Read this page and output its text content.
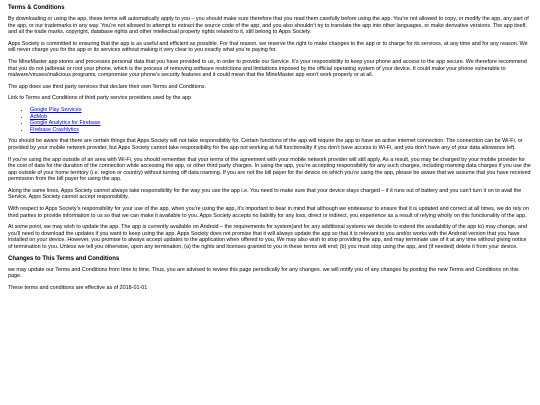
Terms & Conditions

By downloading or using the app, these terms will automatically apply to you – you should make sure therefore that you read them carefully before using the app. You’re not allowed to copy, or modify the app, any part of the app, or our trademarks in any way. You’re not allowed to attempt to extract the source code of the app, and you also shouldn’t try to translate the app into other languages, or make derivative versions. The app itself, and all the trade marks, copyright, database rights and other intellectual property rights related to it, still belong to Apps Society.

Apps Society is committed to ensuring that the app is as useful and efficient as possible. For that reason, we reserve the right to make changes to the app or to charge for its services, at any time and for any reason. We will never charge you for the app or its services without making it very clear to you exactly what you’re paying for.

The MineMaster app stores and processes personal data that you have provided to us, in order to provide our Service. It’s your responsibility to keep your phone and access to the app secure. We therefore recommend that you do not jailbreak or root your phone, which is the process of removing software restrictions and limitations imposed by the official operating system of your device. It could make your phone vulnerable to malware/viruses/malicious programs, compromise your phone’s security features and it could mean that the MineMaster app won’t work properly or at all.

The app does use third party services that declare their own Terms and Conditions.

Link to Terms and Conditions of third party service providers used by the app

• Google Play Services
• AdMob
• Google Analytics for Firebase
• Firebase Crashlytics

You should be aware that there are certain things that Apps Society will not take responsibility for. Certain functions of the app will require the app to have an active internet connection. The connection can be Wi-Fi, or provided by your mobile network provider, but Apps Society cannot take responsibility for the app not working at full functionality if you don’t have access to Wi-Fi, and you don’t have any of your data allowance left.

If you’re using the app outside of an area with Wi-Fi, you should remember that your terms of the agreement with your mobile network provider will still apply. As a result, you may be charged by your mobile provider for the cost of data for the duration of the connection while accessing the app, or other third party charges. In using the app, you’re accepting responsibility for any such charges, including roaming data charges if you use the app outside of your home territory (i.e. region or country) without turning off data roaming. If you are not the bill payer for the device on which you’re using the app, please be aware that we assume that you have received permission from the bill payer for using the app.

Along the same lines, Apps Society cannot always take responsibility for the way you use the app i.e. You need to make sure that your device stays charged – if it runs out of battery and you can’t turn it on to avail the Service, Apps Society cannot accept responsibility.

With respect to Apps Society’s responsibility for your use of the app, when you’re using the app, it’s important to bear in mind that although we endeavour to ensure that it is updated and correct at all times, we do rely on third parties to provide information to us so that we can make it available to you. Apps Society accepts no liability for any loss, direct or indirect, you experience as a result of relying wholly on this functionality of the app.

At some point, we may wish to update the app. The app is currently available on Android – the requirements for system(and for any additional systems we decide to extend the availability of the app to) may change, and you’ll need to download the updates if you want to keep using the app. Apps Society does not promise that it will always update the app so that it is relevant to you and/or works with the Android version that you have installed on your device. However, you promise to always accept updates to the application when offered to you, We may also wish to stop providing the app, and may terminate use of it at any time without giving notice of termination to you. Unless we tell you otherwise, upon any termination, (a) the rights and licenses granted to you in these terms will end; (b) you must stop using the app, and (if needed) delete it from your device.

Changes to This Terms and Conditions

we may update our Terms and Conditions from time to time. Thus, you are advised to review this page periodically for any changes. we will notify you of any changes by posting the new Terms and Conditions on this page.

These terms and conditions are effective as of 2018-01-01
